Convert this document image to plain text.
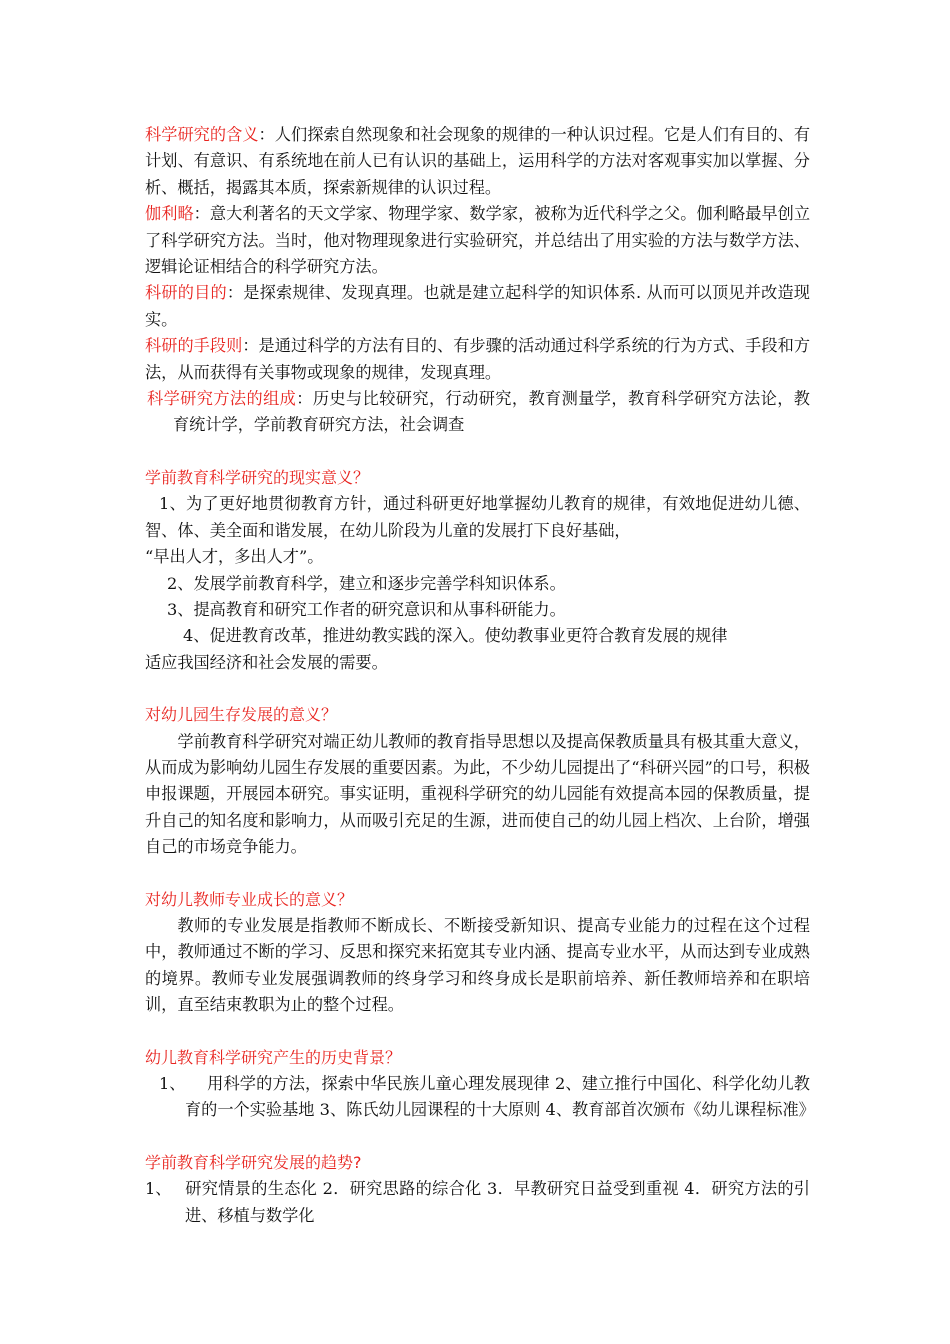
科学研究的含义：人们探索自然现象和社会现象的规律的一种认识过程。它是人们有目的、有计划、有意识、有系统地在前人已有认识的基础上，运用科学的方法对客观事实加以掌握、分析、概括，揭露其本质，探索新规律的认识过程。

伽利略：意大利著名的天文学家、物理学家、数学家，被称为近代科学之父。伽利略最早创立了科学研究方法。当时，他对物理现象进行实验研究，并总结出了用实验的方法与数学方法、逻辑论证相结合的科学研究方法。

科研的目的：是探索规律、发现真理。也就是建立起科学的知识体系. 从而可以顶见并改造现实。

科研的手段则：是通过科学的方法有目的、有步骤的活动通过科学系统的行为方式、手段和方法，从而获得有关事物或现象的规律，发现真理。

科学研究方法的组成：历史与比较研究，行动研究，教育测量学，教育科学研究方法论，教育统计学，学前教育研究方法，社会调查

学前教育科学研究的现实意义？

1、为了更好地贯彻教育方针，通过科研更好地掌握幼儿教育的规律，有效地促进幼儿德、智、体、美全面和谐发展，在幼儿阶段为儿童的发展打下良好基础，

“早出人才，多出人才”。

2、发展学前教育科学，建立和逐步完善学科知识体系。

3、提高教育和研究工作者的研究意识和从事科研能力。

4、促进教育改革，推进幼教实践的深入。使幼教事业更符合教育发展的规律

适应我国经济和社会发展的需要。

对幼儿园生存发展的意义？

学前教育科学研究对端正幼儿教师的教育指导思想以及提高保教质量具有极其重大意义，从而成为影响幼儿园生存发展的重要因素。为此，不少幼儿园提出了“科研兴园”的口号，积极申报课题，开展园本研究。事实证明，重视科学研究的幼儿园能有效提高本园的保教质量，提升自己的知名度和影响力，从而吸引充足的生源，进而使自己的幼儿园上档次、上台阶，增强自己的市场竞争能力。

对幼儿教师专业成长的意义？

教师的专业发展是指教师不断成长、不断接受新知识、提高专业能力的过程在这个过程中，教师通过不断的学习、反思和探究来拓宽其专业内涵、提高专业水平，从而达到专业成熟的境界。教师专业发展强调教师的终身学习和终身成长是职前培养、新任教师培养和在职培训，直至结束教职为止的整个过程。

幼儿教育科学研究产生的历史背景？

1、 用科学的方法，探索中华民族儿童心理发展现律 2、建立推行中国化、科学化幼儿教育的一个实验基地 3、陈氏幼儿园课程的十大原则 4、教育部首次颁布《幼儿课程标准》

学前教育科学研究发展的趋势?

1、 研究情景的生态化 2．研究思路的综合化 3．早教研究日益受到重视 4．研究方法的引进、移植与数学化
